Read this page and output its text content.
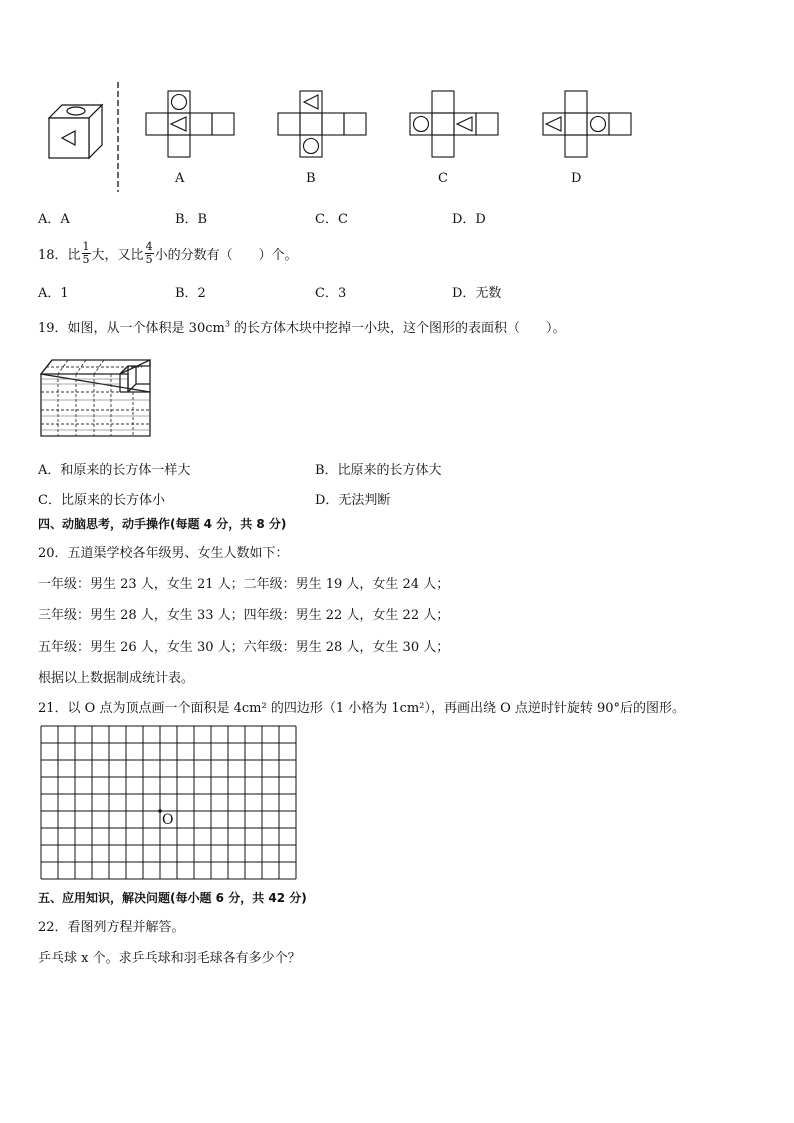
A	B	C	D
A．A	B．B	C．C	D．D
18．比 $\frac{1}{5}$ 大，又比 $\frac{4}{5}$ 小的分数有（　　）个。
A．1	B．2	C．3	D．无数
19．如图，从一个体积是 $30cm^3$ 的长方体木块中挖掉一小块，这个图形的表面积（　　）。
A．和原来的长方体一样大	B．比原来的长方体大
C．比原来的长方体小	D．无法判断
四、动脑思考，动手操作(每题 4 分，共 8 分)
20．五道渠学校各年级男、女生人数如下：
一年级：男生 23 人，女生 21 人；二年级：男生 19 人，女生 24 人；
三年级：男生 28 人，女生 33 人；四年级：男生 22 人，女生 22 人；
五年级：男生 26 人，女生 30 人；六年级：男生 28 人，女生 30 人；
根据以上数据制成统计表。
21．以 O 点为顶点画一个面积是 4cm² 的四边形（1 小格为 1cm²），再画出绕 O 点逆时针旋转 90°后的图形。
O
五、应用知识，解决问题(每小题 6 分，共 42 分)
22．看图列方程并解答。
乒乓球 x 个。求乒乓球和羽毛球各有多少个？
